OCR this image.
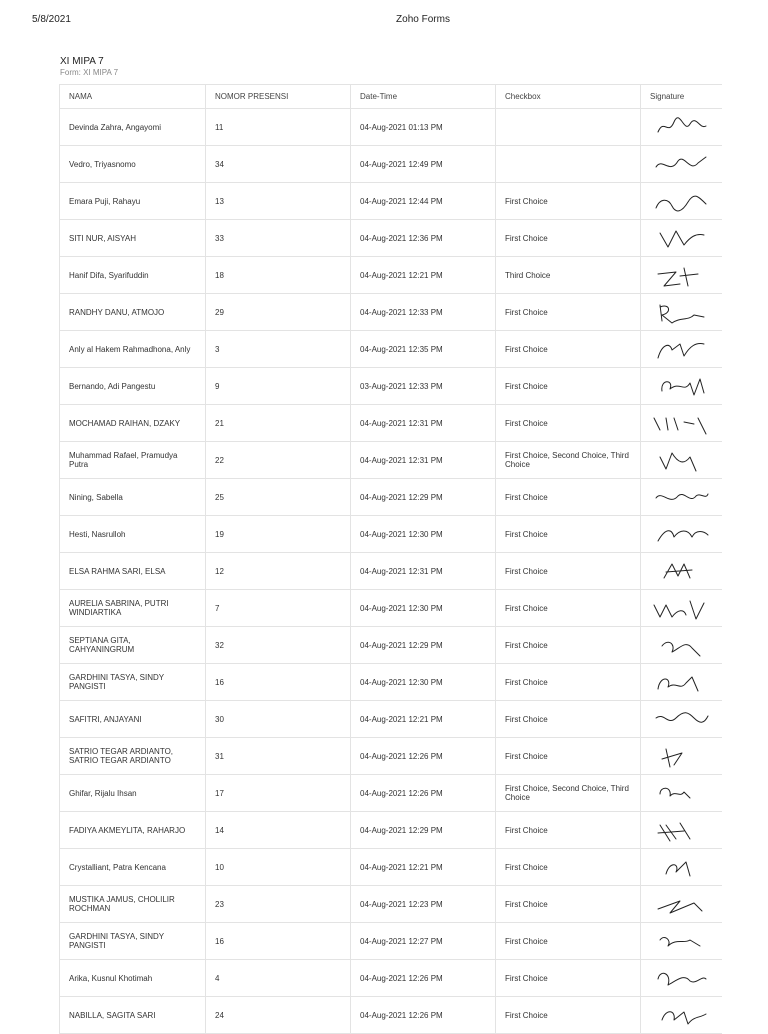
5/8/2021	Zoho Forms
XI MIPA 7
Form: XI MIPA 7
NAMA	NOMOR PRESENSI	Date-Time	Checkbox	Signature
Devinda Zahra, Angayomi	11	04-Aug-2021 01:13 PM
Vedro, Triyasnomo	34	04-Aug-2021 12:49 PM
Emara Puji, Rahayu	13	04-Aug-2021 12:44 PM	First Choice
SITI NUR, AISYAH	33	04-Aug-2021 12:36 PM	First Choice
Hanif Difa, Syarifuddin	18	04-Aug-2021 12:21 PM	Third Choice
RANDHY DANU, ATMOJO	29	04-Aug-2021 12:33 PM	First Choice
Anly al Hakem Rahmadhona, Anly	3	04-Aug-2021 12:35 PM	First Choice
Bernando, Adi Pangestu	9	03-Aug-2021 12:33 PM	First Choice
MOCHAMAD RAIHAN, DZAKY	21	04-Aug-2021 12:31 PM	First Choice
Muhammad Rafael, Pramudya Putra	22	04-Aug-2021 12:31 PM	First Choice, Second Choice, Third Choice
Nining, Sabella	25	04-Aug-2021 12:29 PM	First Choice
Hesti, Nasrulloh	19	04-Aug-2021 12:30 PM	First Choice
ELSA RAHMA SARI, ELSA	12	04-Aug-2021 12:31 PM	First Choice
AURELIA SABRINA, PUTRI WINDIARTIKA	7	04-Aug-2021 12:30 PM	First Choice
SEPTIANA GITA, CAHYANINGRUM	32	04-Aug-2021 12:29 PM	First Choice
GARDHINI TASYA, SINDY PANGISTI	16	04-Aug-2021 12:30 PM	First Choice
SAFITRI, ANJAYANI	30	04-Aug-2021 12:21 PM	First Choice
SATRIO TEGAR ARDIANTO, SATRIO TEGAR ARDIANTO	31	04-Aug-2021 12:26 PM	First Choice
Ghifar, Rijalu Ihsan	17	04-Aug-2021 12:26 PM	First Choice, Second Choice, Third Choice
FADIYA AKMEYLITA, RAHARJO	14	04-Aug-2021 12:29 PM	First Choice
Crystalliant, Patra Kencana	10	04-Aug-2021 12:21 PM	First Choice
MUSTIKA JAMUS, CHOLILIR ROCHMAN	23	04-Aug-2021 12:23 PM	First Choice
GARDHINI TASYA, SINDY PANGISTI	16	04-Aug-2021 12:27 PM	First Choice
Arika, Kusnul Khotimah	4	04-Aug-2021 12:26 PM	First Choice
NABILLA, SAGITA SARI	24	04-Aug-2021 12:26 PM	First Choice
